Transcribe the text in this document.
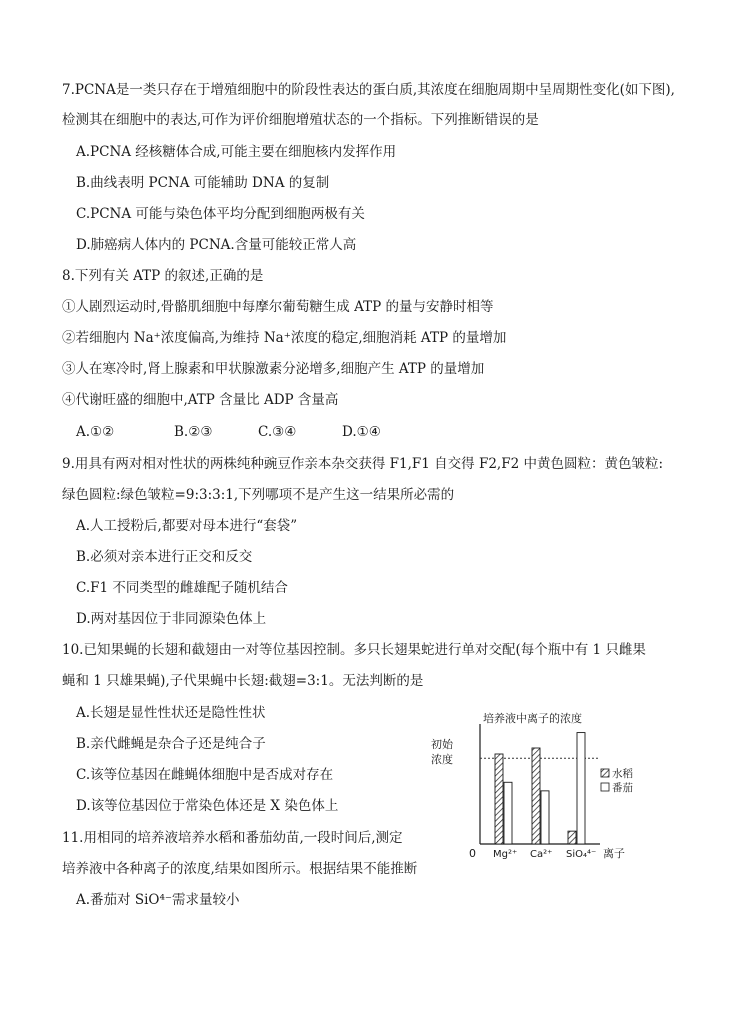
7.PCNA是一类只存在于增殖细胞中的阶段性表达的蛋白质,其浓度在细胞周期中呈周期性变化(如下图),
检测其在细胞中的表达,可作为评价细胞增殖状态的一个指标。下列推断错误的是
A.PCNA 经核糖体合成,可能主要在细胞核内发挥作用
B.曲线表明 PCNA 可能辅助 DNA 的复制
C.PCNA 可能与染色体平均分配到细胞两极有关
D.肺癌病人体内的 PCNA.含量可能较正常人高
8.下列有关 ATP 的叙述,正确的是
①人剧烈运动时,骨骼肌细胞中每摩尔葡萄糖生成 ATP 的量与安静时相等
②若细胞内 Na⁺浓度偏高,为维持 Na⁺浓度的稳定,细胞消耗 ATP 的量增加
③人在寒冷时,肾上腺素和甲状腺激素分泌增多,细胞产生 ATP 的量增加
④代谢旺盛的细胞中,ATP 含量比 ADP 含量高
A.①②	B.②③	C.③④	D.①④
9.用具有两对相对性状的两株纯种豌豆作亲本杂交获得 F1,F1 自交得 F2,F2 中黄色圆粒：黄色皱粒:
绿色圆粒:绿色皱粒=9:3:3:1,下列哪项不是产生这一结果所必需的
A.人工授粉后,都要对母本进行“套袋”
B.必须对亲本进行正交和反交
C.F1 不同类型的雌雄配子随机结合
D.两对基因位于非同源染色体上
10.已知果蝇的长翅和截翅由一对等位基因控制。多只长翅果蛇进行单对交配(每个瓶中有 1 只雌果
蝇和 1 只雄果蝇),子代果蝇中长翅:截翅=3:1。无法判断的是
A.长翅是显性性状还是隐性性状
B.亲代雌蝇是杂合子还是纯合子
C.该等位基因在雌蝇体细胞中是否成对存在
D.该等位基因位于常染色体还是 X 染色体上
11.用相同的培养液培养水稻和番茄幼苗,一段时间后,测定
培养液中各种离子的浓度,结果如图所示。根据结果不能推断
A.番茄对 SiO⁴⁻需求量较小
培养液中离子的浓度
初始
浓度
0	离子
水稻
番茄
Mg²⁺ Ca²⁺ SiO₄⁴⁻
